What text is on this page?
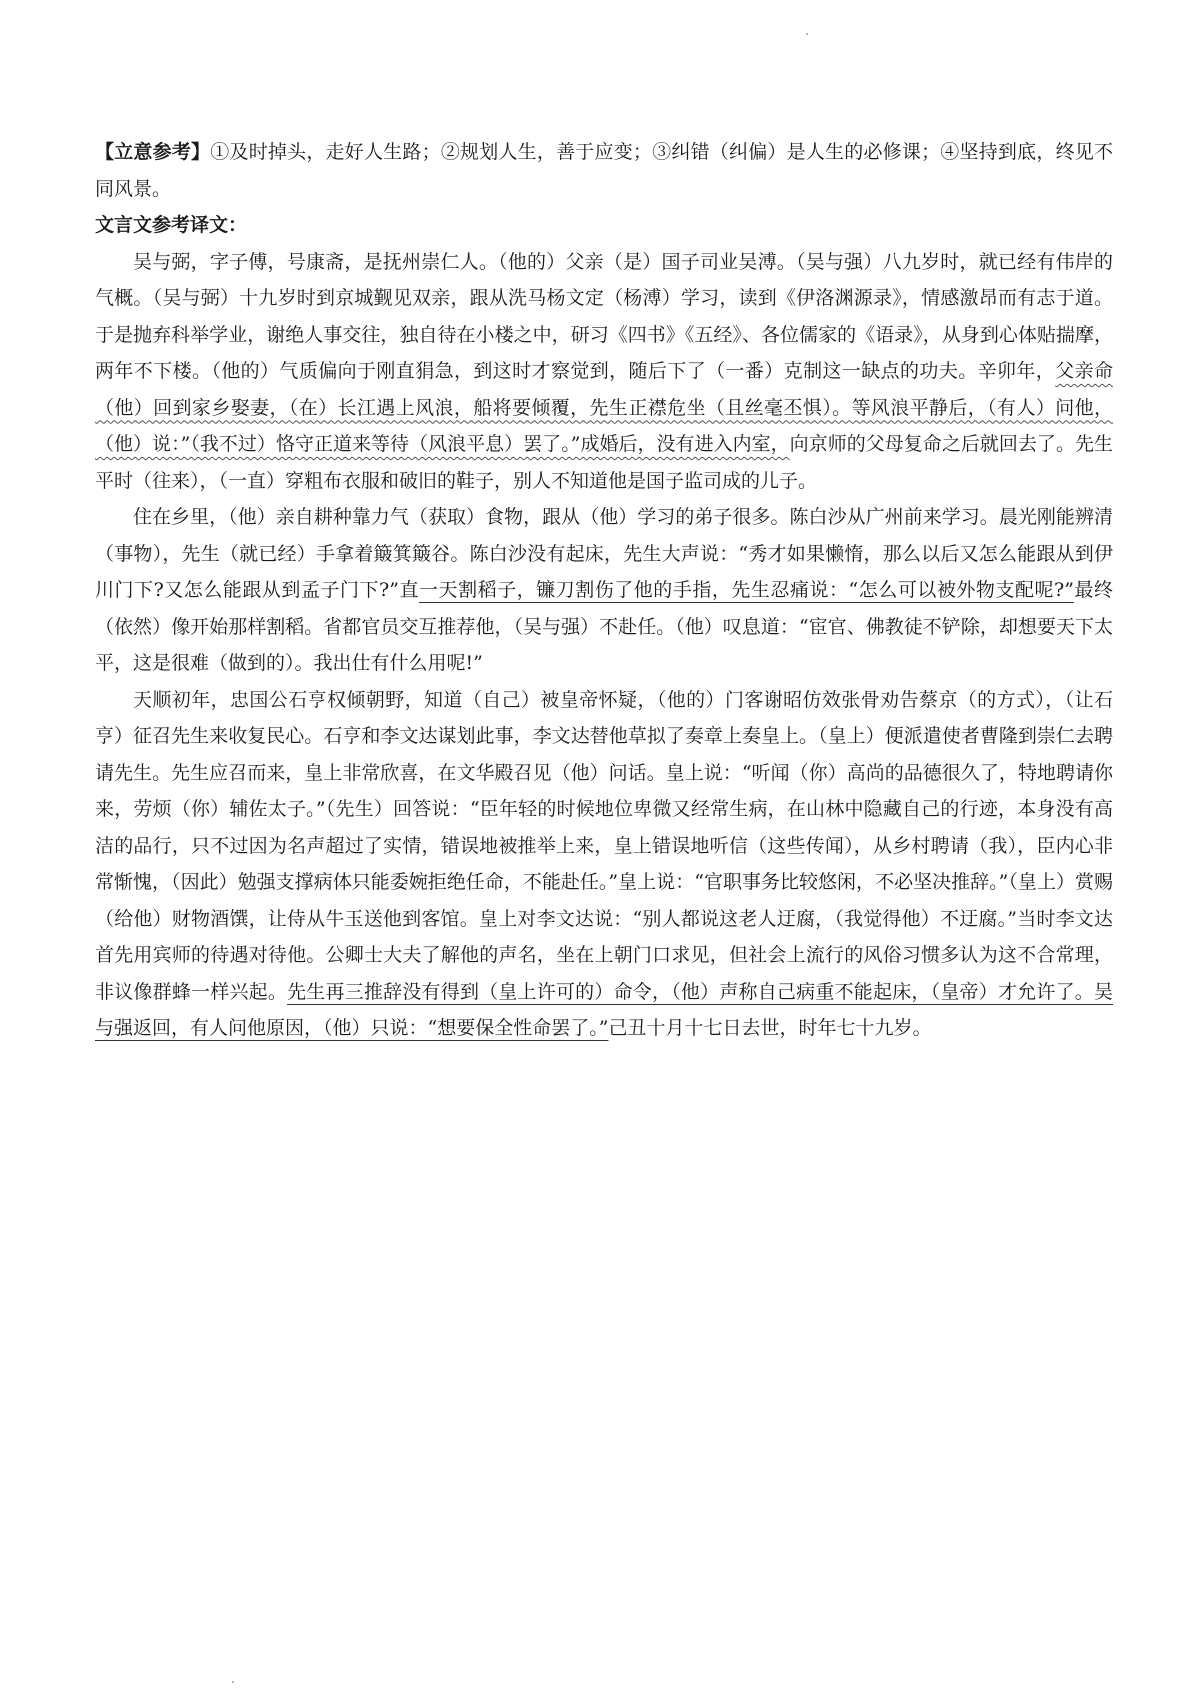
【立意参考】①及时掉头，走好人生路；②规划人生，善于应变；③纠错（纠偏）是人生的必修课；④坚持到底，终见不同风景。

文言文参考译文：

吴与弼，字子傅，号康斋，是抚州崇仁人。（他的）父亲（是）国子司业吴溥。（吴与强）八九岁时，就已经有伟岸的气概。（吴与弼）十九岁时到京城觐见双亲，跟从洗马杨文定（杨溥）学习，读到《伊洛渊源录》，情感激昂而有志于道。于是抛弃科举学业，谢绝人事交往，独自待在小楼之中，研习《四书》《五经》、各位儒家的《语录》，从身到心体贴揣摩，两年不下楼。（他的）气质偏向于刚直狷急，到这时才察觉到，随后下了（一番）克制这一缺点的功夫。辛卯年，父亲命（他）回到家乡娶妻，（在）长江遇上风浪，船将要倾覆，先生正襟危坐（且丝毫丕惧）。等风浪平静后，（有人）问他，（他）说：”（我不过）恪守正道来等待（风浪平息）罢了。”成婚后，没有进入内室，向京师的父母复命之后就回去了。先生平时（往来），（一直）穿粗布衣服和破旧的鞋子，别人不知道他是国子监司成的儿子。

住在乡里，（他）亲自耕种靠力气（获取）食物，跟从（他）学习的弟子很多。陈白沙从广州前来学习。晨光刚能辨清（事物），先生（就已经）手拿着簸箕簸谷。陈白沙没有起床，先生大声说：“秀才如果懒惰，那么以后又怎么能跟从到伊川门下?又怎么能跟从到孟子门下?”直一天割稻子，镰刀割伤了他的手指，先生忍痛说：“怎么可以被外物支配呢?”最终（依然）像开始那样割稻。省都官员交互推荐他，（吴与强）不赴任。（他）叹息道：“宦官、佛教徒不铲除，却想要天下太平，这是很难（做到的）。我出仕有什么用呢!”

天顺初年，忠国公石亨权倾朝野，知道（自己）被皇帝怀疑，（他的）门客谢昭仿效张骨劝告蔡京（的方式），（让石亨）征召先生来收复民心。石亨和李文达谋划此事，李文达替他草拟了奏章上奏皇上。（皇上）便派遣使者曹隆到崇仁去聘请先生。先生应召而来，皇上非常欣喜，在文华殿召见（他）问话。皇上说：“听闻（你）高尚的品德很久了，特地聘请你来，劳烦（你）辅佐太子。”（先生）回答说：“臣年轻的时候地位卑微又经常生病，在山林中隐藏自己的行迹，本身没有高洁的品行，只不过因为名声超过了实情，错误地被推举上来，皇上错误地听信（这些传闻），从乡村聘请（我），臣内心非常惭愧，（因此）勉强支撑病体只能委婉拒绝任命，不能赴任。”皇上说：“官职事务比较悠闲，不必坚决推辞。”（皇上）赏赐（给他）财物酒馔，让侍从牛玉送他到客馆。皇上对李文达说：“别人都说这老人迂腐，（我觉得他）不迂腐。”当时李文达首先用宾师的待遇对待他。公卿士大夫了解他的声名，坐在上朝门口求见，但社会上流行的风俗习惯多认为这不合常理，非议像群蜂一样兴起。先生再三推辞没有得到（皇上许可的）命令，（他）声称自己病重不能起床，（皇帝）才允许了。吴与强返回，有人问他原因，（他）只说：“想要保全性命罢了。”己丑十月十七日去世，时年七十九岁。
